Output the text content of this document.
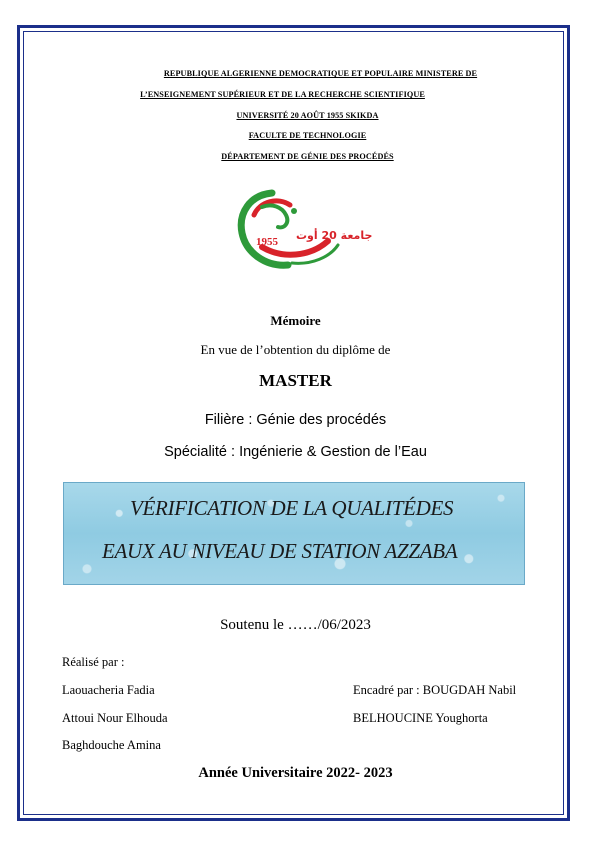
REPUBLIQUE ALGERIENNE DEMOCRATIQUE ET POPULAIRE MINISTERE DE
L’ENSEIGNEMENT SUPÉRIEUR ET DE LA RECHERCHE SCIENTIFIQUE
UNIVERSITÉ 20 AOÛT 1955 SKIKDA
FACULTE DE TECHNOLOGIE
DÉPARTEMENT DE GÉNIE DES PROCÉDÉS
1955 جامعة 20 أوت
Mémoire
En vue de l’obtention du diplôme de
MASTER
Filière : Génie des procédés
Spécialité : Ingénierie & Gestion de l’Eau
VÉRIFICATION DE LA QUALITÉDES
EAUX AU NIVEAU DE STATION AZZABA
Soutenu le ……/06/2023
Réalisé par :
Laouacheria Fadia
Attoui Nour Elhouda
Baghdouche Amina
Encadré par : BOUGDAH Nabil
BELHOUCINE Youghorta
Année Universitaire 2022- 2023
